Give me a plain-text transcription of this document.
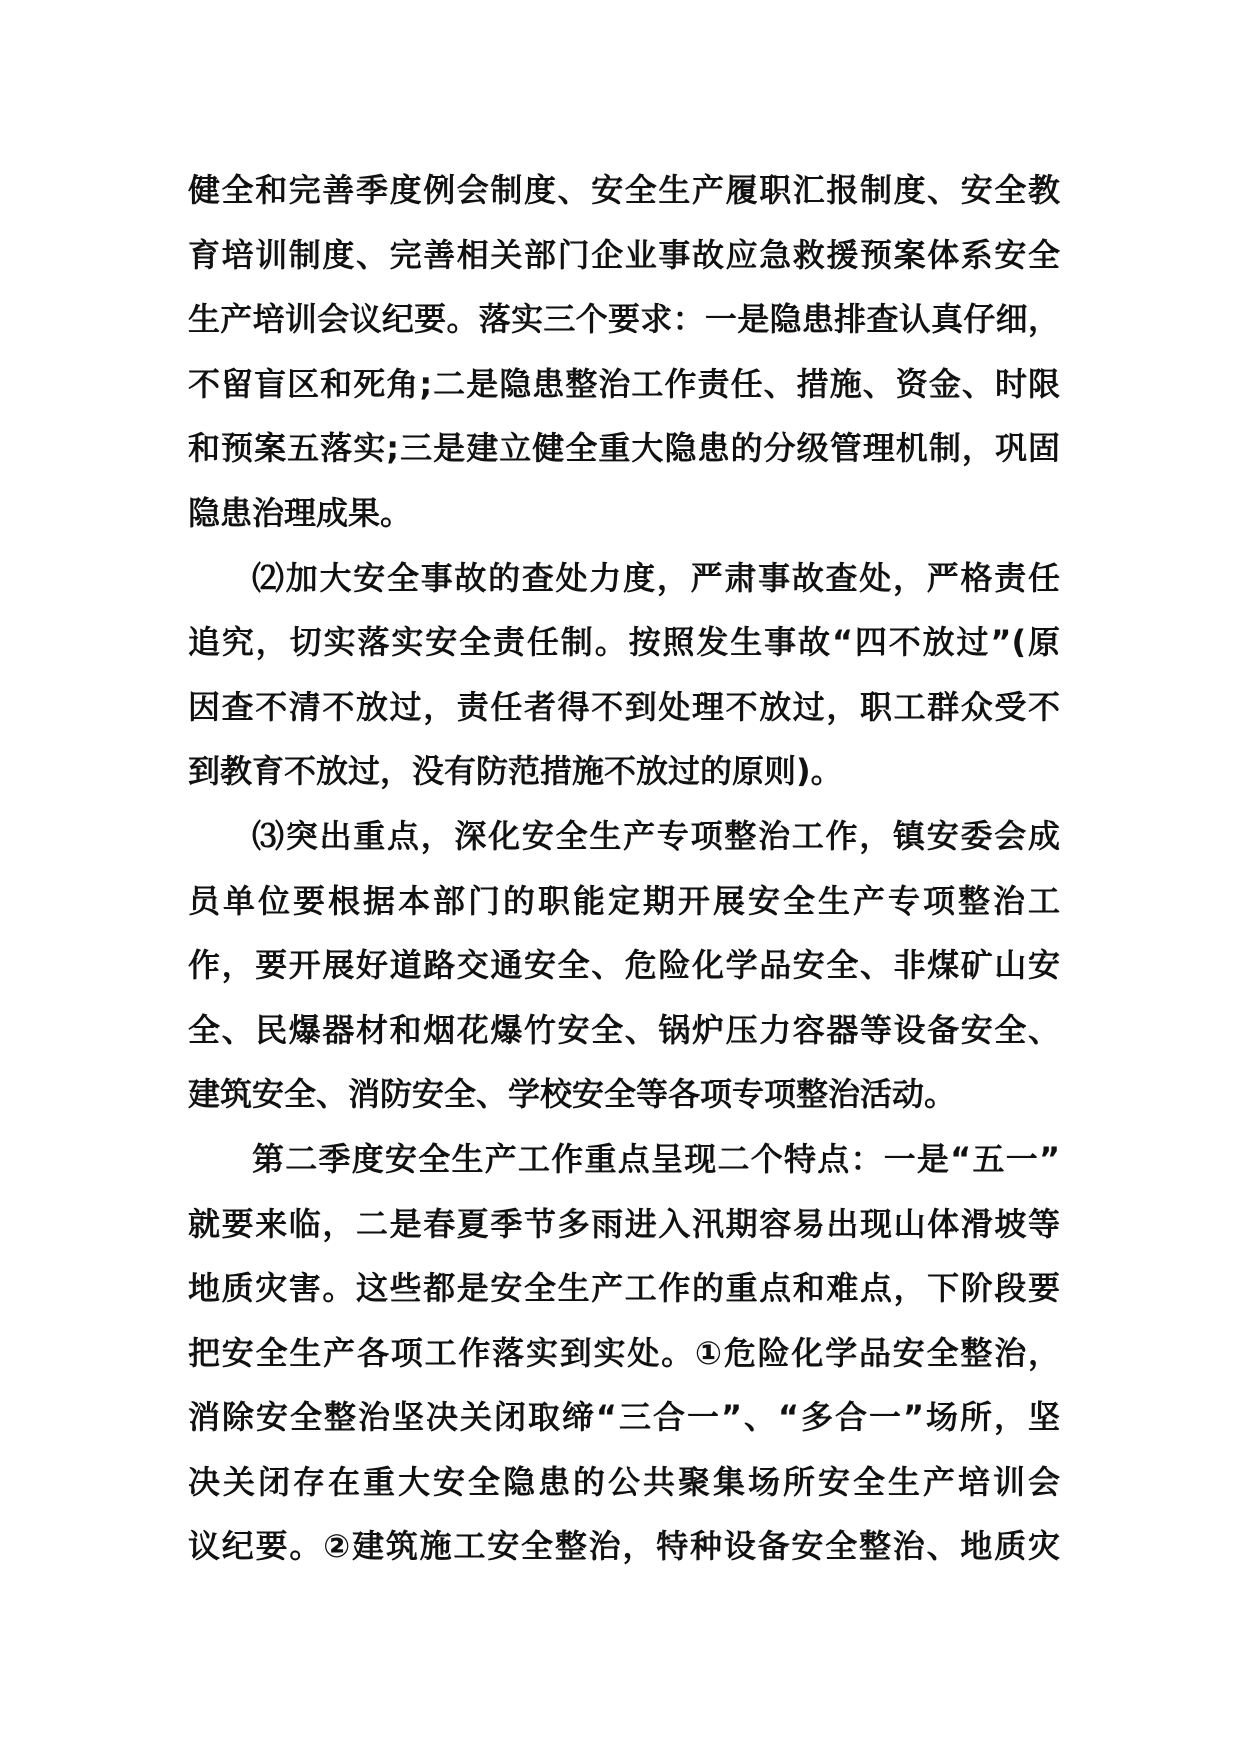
健全和完善季度例会制度、安全生产履职汇报制度、安全教
育培训制度、完善相关部门企业事故应急救援预案体系安全
生产培训会议纪要。落实三个要求：一是隐患排查认真仔细，
不留盲区和死角;二是隐患整治工作责任、措施、资金、时限
和预案五落实;三是建立健全重大隐患的分级管理机制，巩固
隐患治理成果。
⑵加大安全事故的查处力度，严肃事故查处，严格责任
追究，切实落实安全责任制。按照发生事故“四不放过”(原
因查不清不放过，责任者得不到处理不放过，职工群众受不
到教育不放过，没有防范措施不放过的原则)。
⑶突出重点，深化安全生产专项整治工作，镇安委会成
员单位要根据本部门的职能定期开展安全生产专项整治工
作，要开展好道路交通安全、危险化学品安全、非煤矿山安
全、民爆器材和烟花爆竹安全、锅炉压力容器等设备安全、
建筑安全、消防安全、学校安全等各项专项整治活动。
第二季度安全生产工作重点呈现二个特点：一是“五一”
就要来临，二是春夏季节多雨进入汛期容易出现山体滑坡等
地质灾害。这些都是安全生产工作的重点和难点，下阶段要
把安全生产各项工作落实到实处。①危险化学品安全整治，
消除安全整治坚决关闭取缔“三合一”、“多合一”场所，坚
决关闭存在重大安全隐患的公共聚集场所安全生产培训会
议纪要。②建筑施工安全整治，特种设备安全整治、地质灾
